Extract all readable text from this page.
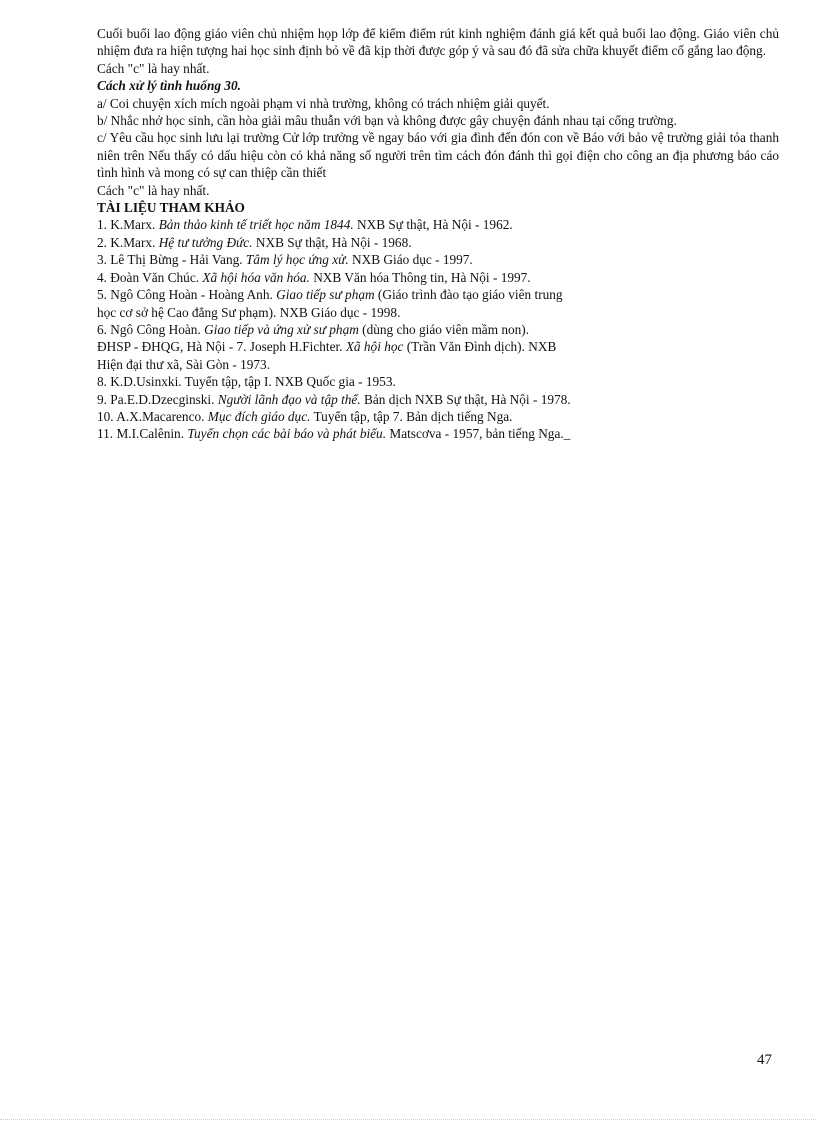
Cuối buổi lao động giáo viên chủ nhiệm họp lớp để kiểm điểm rút kinh nghiệm đánh giá kết quả buổi lao động. Giáo viên chủ nhiệm đưa ra hiện tượng hai học sinh định bỏ về đã kịp thời được góp ý và sau đó đã sửa chữa khuyết điểm cố gắng lao động.

Cách "c" là hay nhất.

Cách xử lý tình huống 30.

a/ Coi chuyện xích mích ngoài phạm vi nhà trường, không có trách nhiệm giải quyết.

b/ Nhắc nhở học sinh, cần hòa giải mâu thuẫn với bạn và không được gây chuyện đánh nhau tại cổng trường.

c/ Yêu cầu học sinh lưu lại trường Cử lớp trưởng về ngay báo với gia đình đến đón con về Báo với bảo vệ trường giải tỏa thanh niên trên Nếu thấy có dấu hiệu còn có khả năng số người trên tìm cách đón đánh thì gọi điện cho công an địa phương báo cáo tình hình và mong có sự can thiệp cần thiết

Cách "c" là hay nhất.

TÀI LIỆU THAM KHẢO

1. K.Marx. Bản thảo kinh tế triết học năm 1844. NXB Sự thật, Hà Nội - 1962.

2. K.Marx. Hệ tư tưởng Đức. NXB Sự thật, Hà Nội - 1968.

3. Lê Thị Bừng - Hải Vang. Tâm lý học ứng xử. NXB Giáo dục - 1997.

4. Đoàn Văn Chúc. Xã hội hóa văn hóa. NXB Văn hóa Thông tin, Hà Nội - 1997.

5. Ngô Công Hoàn - Hoàng Anh. Giao tiếp sư phạm (Giáo trình đào tạo giáo viên trung học cơ sở hệ Cao đẳng Sư phạm). NXB Giáo dục - 1998.

6. Ngô Công Hoàn. Giao tiếp và ứng xử sư phạm (dùng cho giáo viên mầm non).

ĐHSP - ĐHQG, Hà Nội - 7. Joseph H.Fichter. Xã hội học (Trần Văn Đình dịch). NXB Hiện đại thư xã, Sài Gòn - 1973.

8. K.D.Usinxki. Tuyển tập, tập I. NXB Quốc gia - 1953.

9. Pa.E.D.Dzecginski. Người lãnh đạo và tập thể. Bản dịch NXB Sự thật, Hà Nội - 1978.

10. A.X.Macarenco. Mục đích giáo dục. Tuyển tập, tập 7. Bản dịch tiếng Nga.

11. M.I.Calênin. Tuyển chọn các bài báo và phát biểu. Matscơva - 1957, bản tiếng Nga._

47
